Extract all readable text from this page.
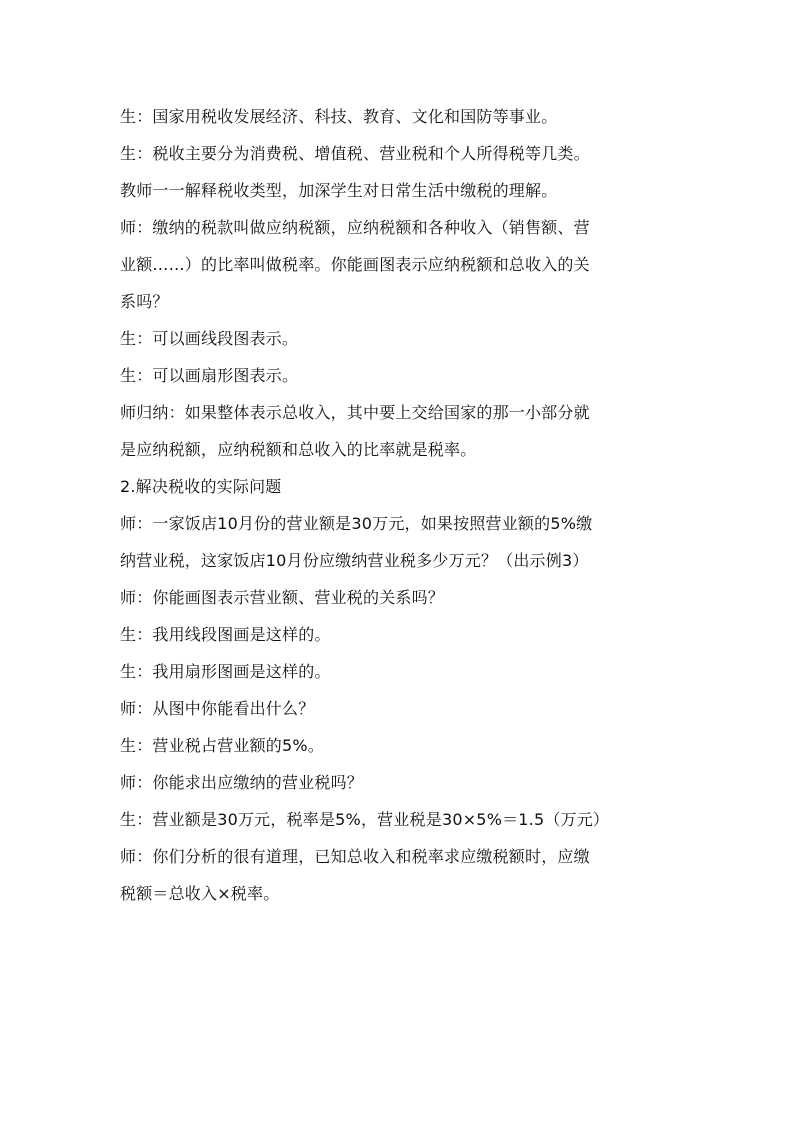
生：国家用税收发展经济、科技、教育、文化和国防等事业。

生：税收主要分为消费税、增值税、营业税和个人所得税等几类。

教师一一解释税收类型，加深学生对日常生活中缴税的理解。

师：缴纳的税款叫做应纳税额，应纳税额和各种收入（销售额、营

业额……）的比率叫做税率。你能画图表示应纳税额和总收入的关

系吗？

生：可以画线段图表示。

生：可以画扇形图表示。

师归纳：如果整体表示总收入，其中要上交给国家的那一小部分就

是应纳税额，应纳税额和总收入的比率就是税率。

2.解决税收的实际问题

师：一家饭店10月份的营业额是30万元，如果按照营业额的5%缴

纳营业税，这家饭店10月份应缴纳营业税多少万元？（出示例3）

师：你能画图表示营业额、营业税的关系吗？

生：我用线段图画是这样的。

生：我用扇形图画是这样的。

师：从图中你能看出什么？

生：营业税占营业额的5%。

师：你能求出应缴纳的营业税吗？

生：营业额是30万元，税率是5%，营业税是30×5%＝1.5（万元）

师：你们分析的很有道理，已知总收入和税率求应缴税额时，应缴

税额＝总收入×税率。
